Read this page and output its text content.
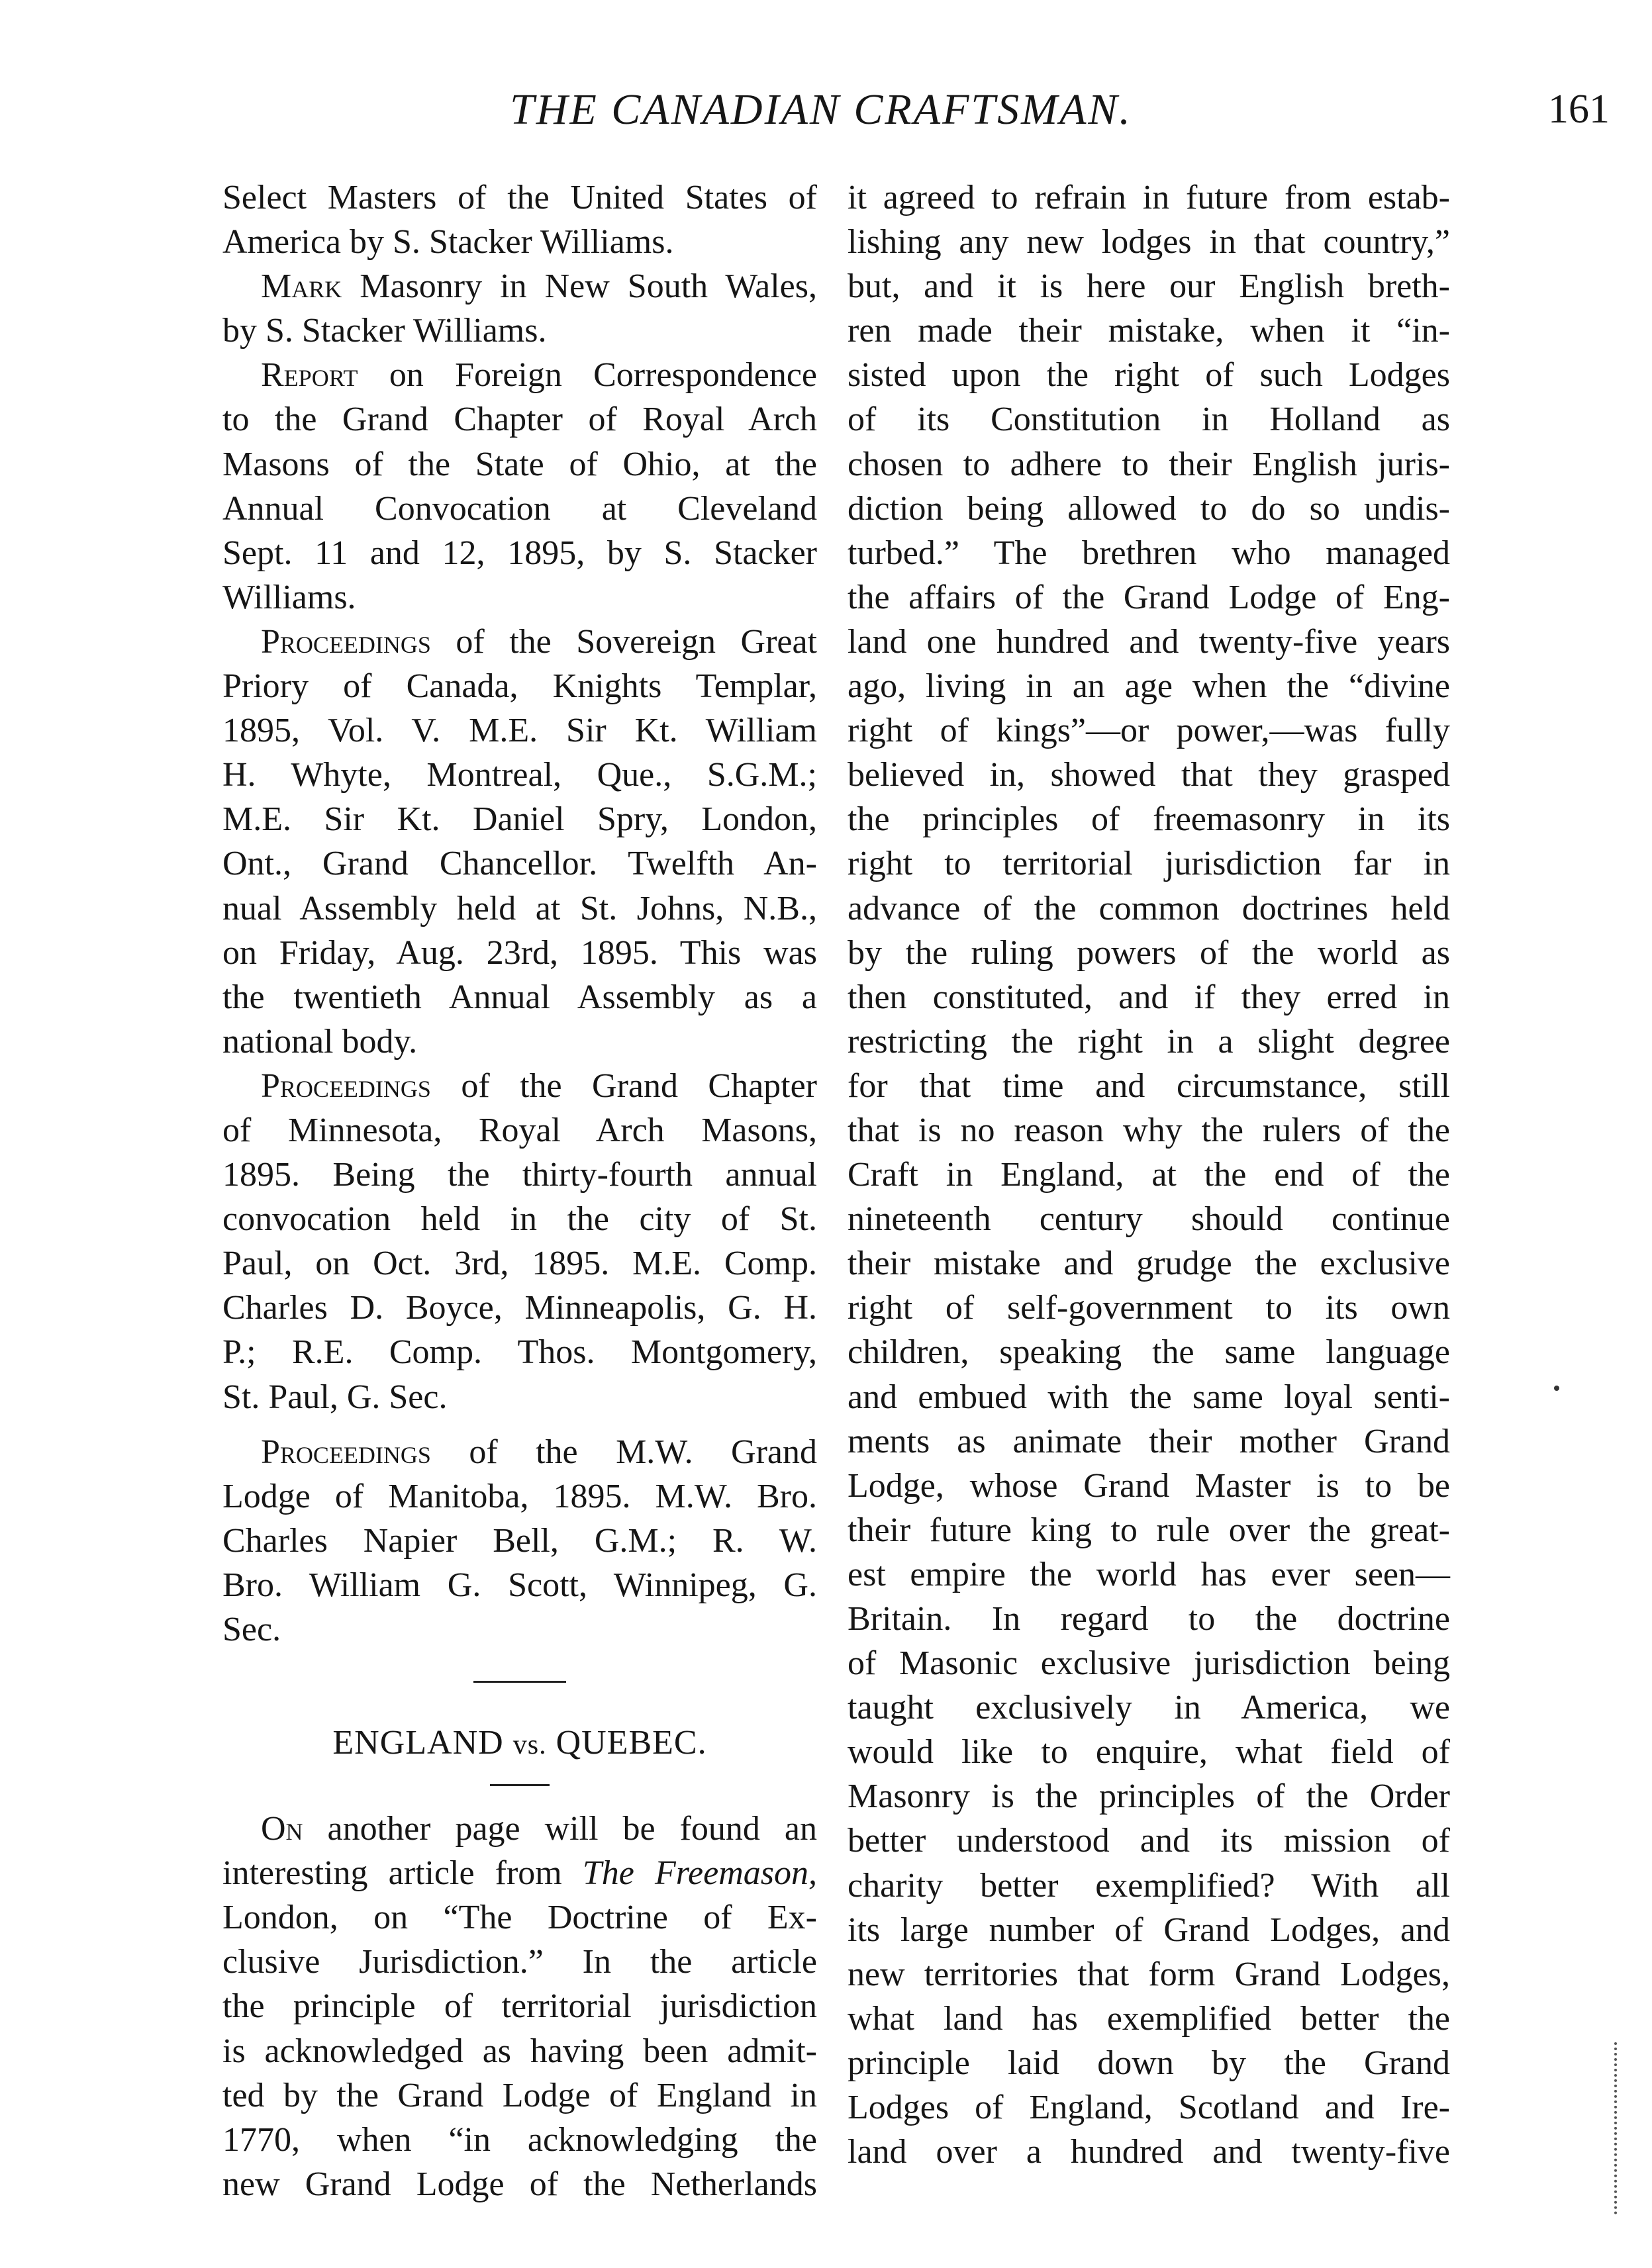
THE CANADIAN CRAFTSMAN.	161
Select Masters of the United States of
America by S. Stacker Williams.
Mark Masonry in New South Wales,
by S. Stacker Williams.
Report on Foreign Correspondence
to the Grand Chapter of Royal Arch
Masons of the State of Ohio, at the
Annual Convocation at Cleveland
Sept. 11 and 12, 1895, by S. Stacker
Williams.
Proceedings of the Sovereign Great
Priory of Canada, Knights Templar,
1895, Vol. V. M.E. Sir Kt. William
H. Whyte, Montreal, Que., S.G.M.;
M.E. Sir Kt. Daniel Spry, London,
Ont., Grand Chancellor. Twelfth An-
nual Assembly held at St. Johns, N.B.,
on Friday, Aug. 23rd, 1895. This was
the twentieth Annual Assembly as a
national body.
Proceedings of the Grand Chapter
of Minnesota, Royal Arch Masons,
1895. Being the thirty-fourth annual
convocation held in the city of St.
Paul, on Oct. 3rd, 1895. M.E. Comp.
Charles D. Boyce, Minneapolis, G. H.
P.; R.E. Comp. Thos. Montgomery,
St. Paul, G. Sec.
Proceedings of the M.W. Grand
Lodge of Manitoba, 1895. M.W. Bro.
Charles Napier Bell, G.M.; R. W.
Bro. William G. Scott, Winnipeg, G.
Sec.
ENGLAND vs. QUEBEC.
On another page will be found an
interesting article from The Freemason,
London, on “The Doctrine of Ex-
clusive Jurisdiction.” In the article
the principle of territorial jurisdiction
is acknowledged as having been admit-
ted by the Grand Lodge of England in
1770, when “in acknowledging the
new Grand Lodge of the Netherlands
it agreed to refrain in future from estab-
lishing any new lodges in that country,”
but, and it is here our English breth-
ren made their mistake, when it “in-
sisted upon the right of such Lodges
of its Constitution in Holland as
chosen to adhere to their English juris-
diction being allowed to do so undis-
turbed.” The brethren who managed
the affairs of the Grand Lodge of Eng-
land one hundred and twenty-five years
ago, living in an age when the “divine
right of kings”—or power,—was fully
believed in, showed that they grasped
the principles of freemasonry in its
right to territorial jurisdiction far in
advance of the common doctrines held
by the ruling powers of the world as
then constituted, and if they erred in
restricting the right in a slight degree
for that time and circumstance, still
that is no reason why the rulers of the
Craft in England, at the end of the
nineteenth century should continue
their mistake and grudge the exclusive
right of self-government to its own
children, speaking the same language
and embued with the same loyal senti-
ments as animate their mother Grand
Lodge, whose Grand Master is to be
their future king to rule over the great-
est empire the world has ever seen—
Britain. In regard to the doctrine
of Masonic exclusive jurisdiction being
taught exclusively in America, we
would like to enquire, what field of
Masonry is the principles of the Order
better understood and its mission of
charity better exemplified? With all
its large number of Grand Lodges, and
new territories that form Grand Lodges,
what land has exemplified better the
principle laid down by the Grand
Lodges of England, Scotland and Ire-
land over a hundred and twenty-five
